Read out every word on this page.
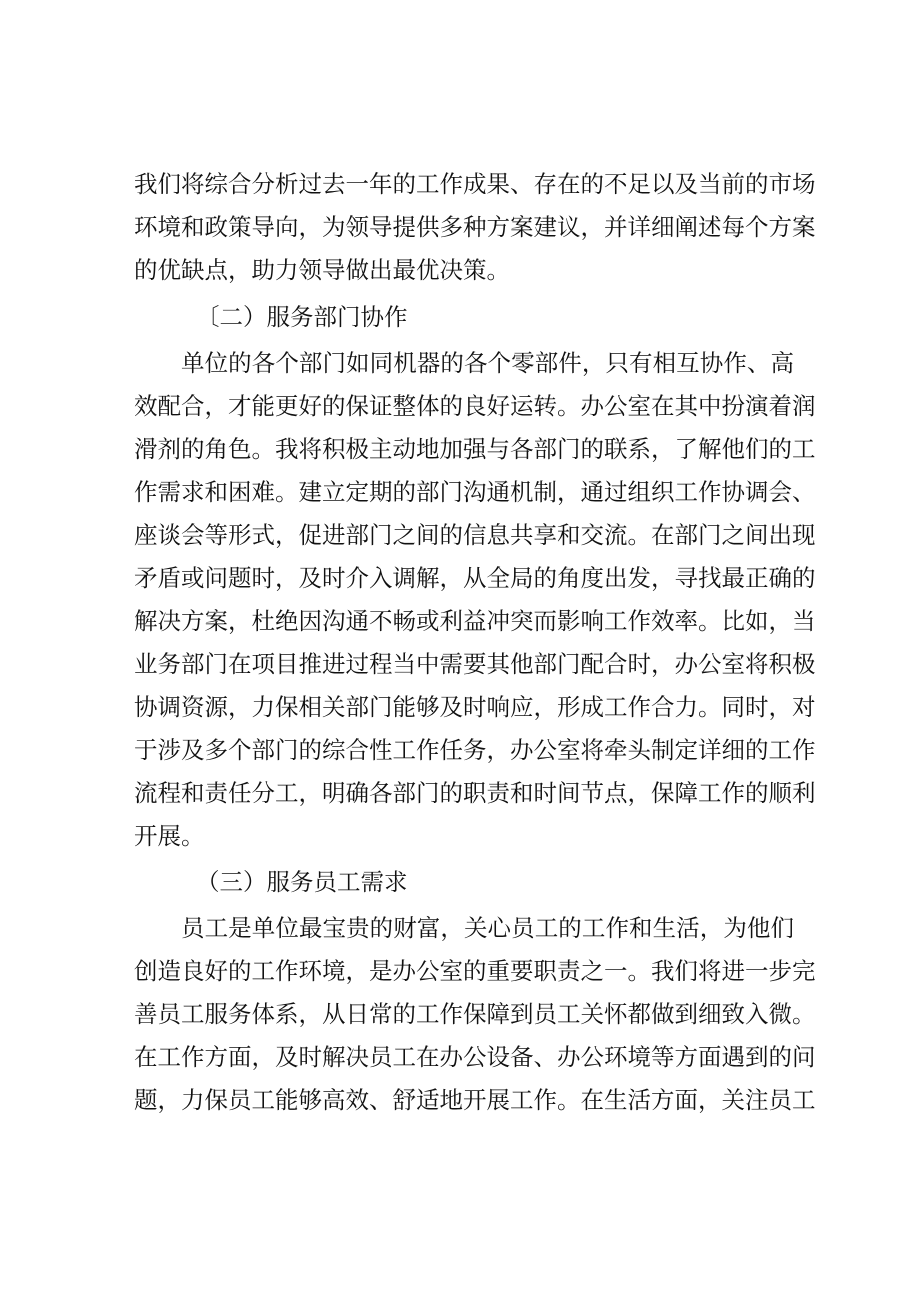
我们将综合分析过去一年的工作成果、存在的不足以及当前的市场
环境和政策导向，为领导提供多种方案建议，并详细阐述每个方案
的优缺点，助力领导做出最优决策。
〔二）服务部门协作
单位的各个部门如同机器的各个零部件，只有相互协作、高
效配合，才能更好的保证整体的良好运转。办公室在其中扮演着润
滑剂的角色。我将积极主动地加强与各部门的联系，了解他们的工
作需求和困难。建立定期的部门沟通机制，通过组织工作协调会、
座谈会等形式，促进部门之间的信息共享和交流。在部门之间出现
矛盾或问题时，及时介入调解，从全局的角度出发，寻找最正确的
解决方案，杜绝因沟通不畅或利益冲突而影响工作效率。比如，当
业务部门在项目推进过程当中需要其他部门配合时，办公室将积极
协调资源，力保相关部门能够及时响应，形成工作合力。同时，对
于涉及多个部门的综合性工作任务，办公室将牵头制定详细的工作
流程和责任分工，明确各部门的职责和时间节点，保障工作的顺利
开展。
（三）服务员工需求
员工是单位最宝贵的财富，关心员工的工作和生活，为他们
创造良好的工作环境，是办公室的重要职责之一。我们将进一步完
善员工服务体系，从日常的工作保障到员工关怀都做到细致入微。
在工作方面，及时解决员工在办公设备、办公环境等方面遇到的问
题，力保员工能够高效、舒适地开展工作。在生活方面，关注员工
